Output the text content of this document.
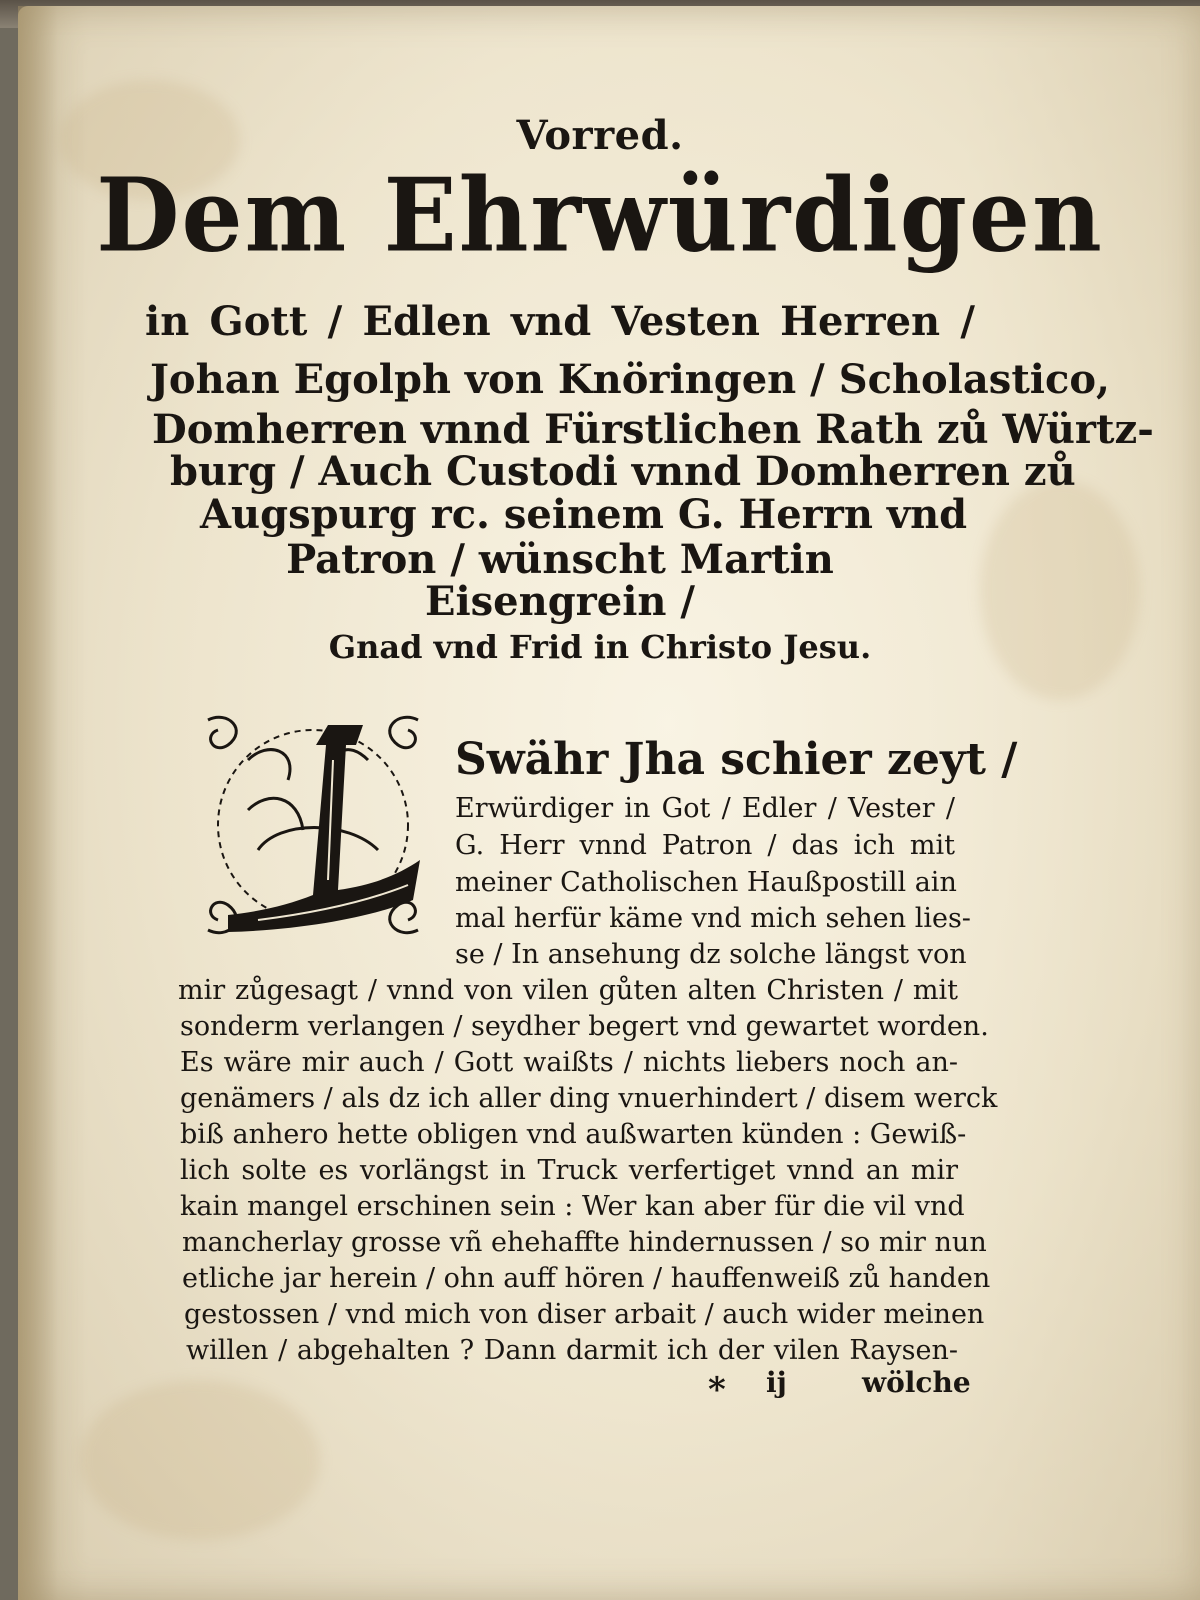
Vorred.
Dem Ehrwürdigen
in Gott / Edlen vnd Vesten Herren /
Johan Egolph von Knöringen / Scholastico,
Domherren vnnd Fürstlichen Rath zů Würtz-
burg / Auch Custodi vnnd Domherren zů
Augspurg rc. seinem G. Herrn vnd
Patron / wünscht Martin
Eisengrein /
Gnad vnd Frid in Christo Jesu.
Swähr Jha schier zeyt /
Erwürdiger in Got / Edler / Vester /
G. Herr vnnd Patron / das ich mit
meiner Catholischen Haußpostill ain
mal herfür käme vnd mich sehen lies-
se / In ansehung dz solche längst von
mir zůgesagt / vnnd von vilen gůten alten Christen / mit
sonderm verlangen / seydher begert vnd gewartet worden.
Es wäre mir auch / Gott waißts / nichts liebers noch an-
genämers / als dz ich aller ding vnuerhindert / disem werck
biß anhero hette obligen vnd außwarten künden : Gewiß-
lich solte es vorlängst in Truck verfertiget vnnd an mir
kain mangel erschinen sein : Wer kan aber für die vil vnd
mancherlay grosse vñ ehehaffte hindernussen / so mir nun
etliche jar herein / ohn auff hören / hauffenweiß zů handen
gestossen / vnd mich von diser arbait / auch wider meinen
willen / abgehalten ? Dann darmit ich der vilen Raysen-
* ij	wölche
